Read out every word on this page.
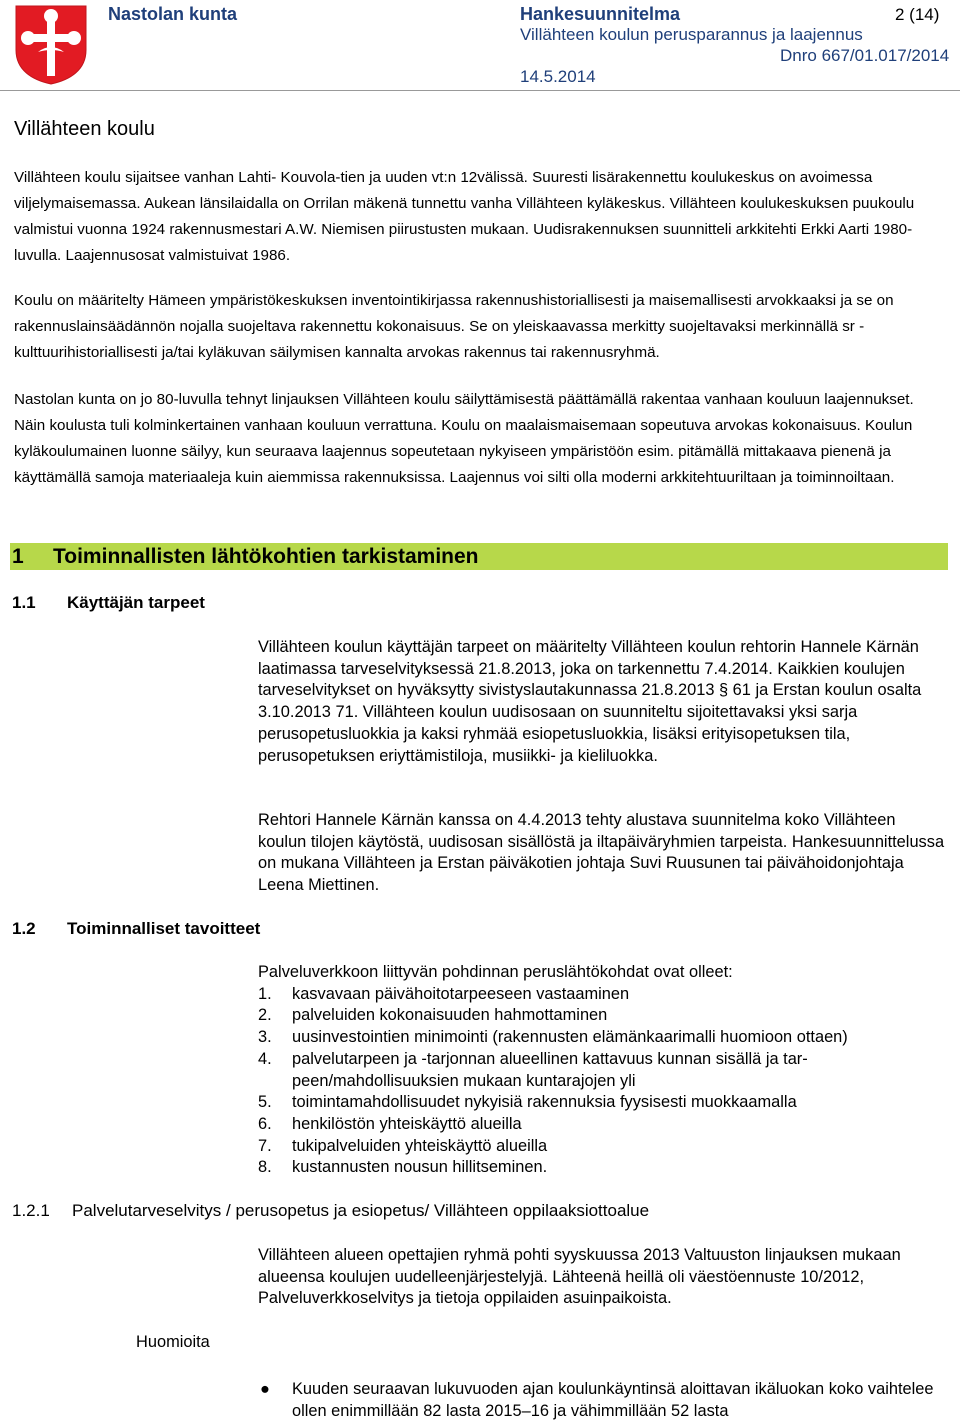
Nastolan kunta	Hankesuunnitelma	2 (14)
Villähteen koulun perusparannus ja laajennus
Dnro 667/01.017/2014
14.5.2014
Villähteen koulu

Villähteen koulu sijaitsee vanhan Lahti- Kouvola-tien ja uuden vt:n 12välissä. Suuresti lisärakennettu koulukeskus on avoimessa viljelymaisemassa. Aukean länsilaidalla on Orrilan mäkenä tunnettu vanha Villähteen kyläkeskus. Villähteen koulukeskuksen puukoulu valmistui vuonna 1924 rakennusmestari A.W. Niemisen piirustusten mukaan. Uudisrakennuksen suunnitteli arkkitehti Erkki Aarti 1980-luvulla. Laajennusosat valmistuivat 1986.

Koulu on määritelty Hämeen ympäristökeskuksen inventointikirjassa rakennushistoriallisesti ja maisemallisesti arvokkaaksi ja se on rakennuslainsäädännön nojalla suojeltava rakennettu kokonaisuus. Se on yleiskaavassa merkitty suojeltavaksi merkinnällä sr - kulttuurihistoriallisesti ja/tai kyläkuvan säilymisen kannalta arvokas rakennus tai rakennusryhmä.

Nastolan kunta on jo 80-luvulla tehnyt linjauksen Villähteen koulu säilyttämisestä päättämällä rakentaa vanhaan kouluun laajennukset. Näin koulusta tuli kolminkertainen vanhaan kouluun verrattuna. Koulu on maalaismaisemaan sopeutuva arvokas kokonaisuus. Koulun kyläkoulumainen luonne säilyy, kun seuraava laajennus sopeutetaan nykyiseen ympäristöön esim. pitämällä mittakaava pienenä ja käyttämällä samoja materiaaleja kuin aiemmissa rakennuksissa. Laajennus voi silti olla moderni arkkitehtuuriltaan ja toiminnoiltaan.

1 Toiminnallisten lähtökohtien tarkistaminen
1.1 Käyttäjän tarpeet

Villähteen koulun käyttäjän tarpeet on määritelty Villähteen koulun rehtorin Hannele Kärnän laatimassa tarveselvityksessä 21.8.2013, joka on tarkennettu 7.4.2014. Kaikkien koulujen tarveselvitykset on hyväksytty sivistyslautakunnassa 21.8.2013 § 61 ja Erstan koulun osalta 3.10.2013 71. Villähteen koulun uudisosaan on suunniteltu sijoitettavaksi yksi sarja perusopetusluokkia ja kaksi ryhmää esiopetusluokkia, lisäksi erityisopetuksen tila, perusopetuksen eriyttämistiloja, musiikki- ja kieliluokka.

Rehtori Hannele Kärnän kanssa on 4.4.2013 tehty alustava suunnitelma koko Villähteen koulun tilojen käytöstä, uudisosan sisällöstä ja iltapäiväryhmien tarpeista. Hankesuunnittelussa on mukana Villähteen ja Erstan päiväkotien johtaja Suvi Ruusunen tai päivähoidonjohtaja Leena Miettinen.

1.2 Toiminnalliset tavoitteet
Palveluverkkoon liittyvän pohdinnan peruslähtökohdat ovat olleet:
1. kasvavaan päivähoitotarpeeseen vastaaminen
2. palveluiden kokonaisuuden hahmottaminen
3. uusinvestointien minimointi (rakennusten elämänkaarimalli huomioon ottaen)
4. palvelutarpeen ja -tarjonnan alueellinen kattavuus kunnan sisällä ja tarpeen/mahdollisuuksien mukaan kuntarajojen yli
5. toimintamahdollisuudet nykyisiä rakennuksia fyysisesti muokkaamalla
6. henkilöstön yhteiskäyttö alueilla
7. tukipalveluiden yhteiskäyttö alueilla
8. kustannusten nousun hillitseminen.
1.2.1 Palvelutarveselvitys / perusopetus ja esiopetus/ Villähteen oppilaaksiottoalue

Villähteen alueen opettajien ryhmä pohti syyskuussa 2013 Valtuuston linjauksen mukaan alueensa koulujen uudelleenjärjestelyjä. Lähteenä heillä oli väestöennuste 10/2012, Palveluverkkoselvitys ja tietoja oppilaiden asuinpaikoista.

Huomioita
● Kuuden seuraavan lukuvuoden ajan koulunkäyntinsä aloittavan ikäluokan koko vaihtelee ollen enimmillään 82 lasta 2015–16 ja vähimmillään 52 lasta
